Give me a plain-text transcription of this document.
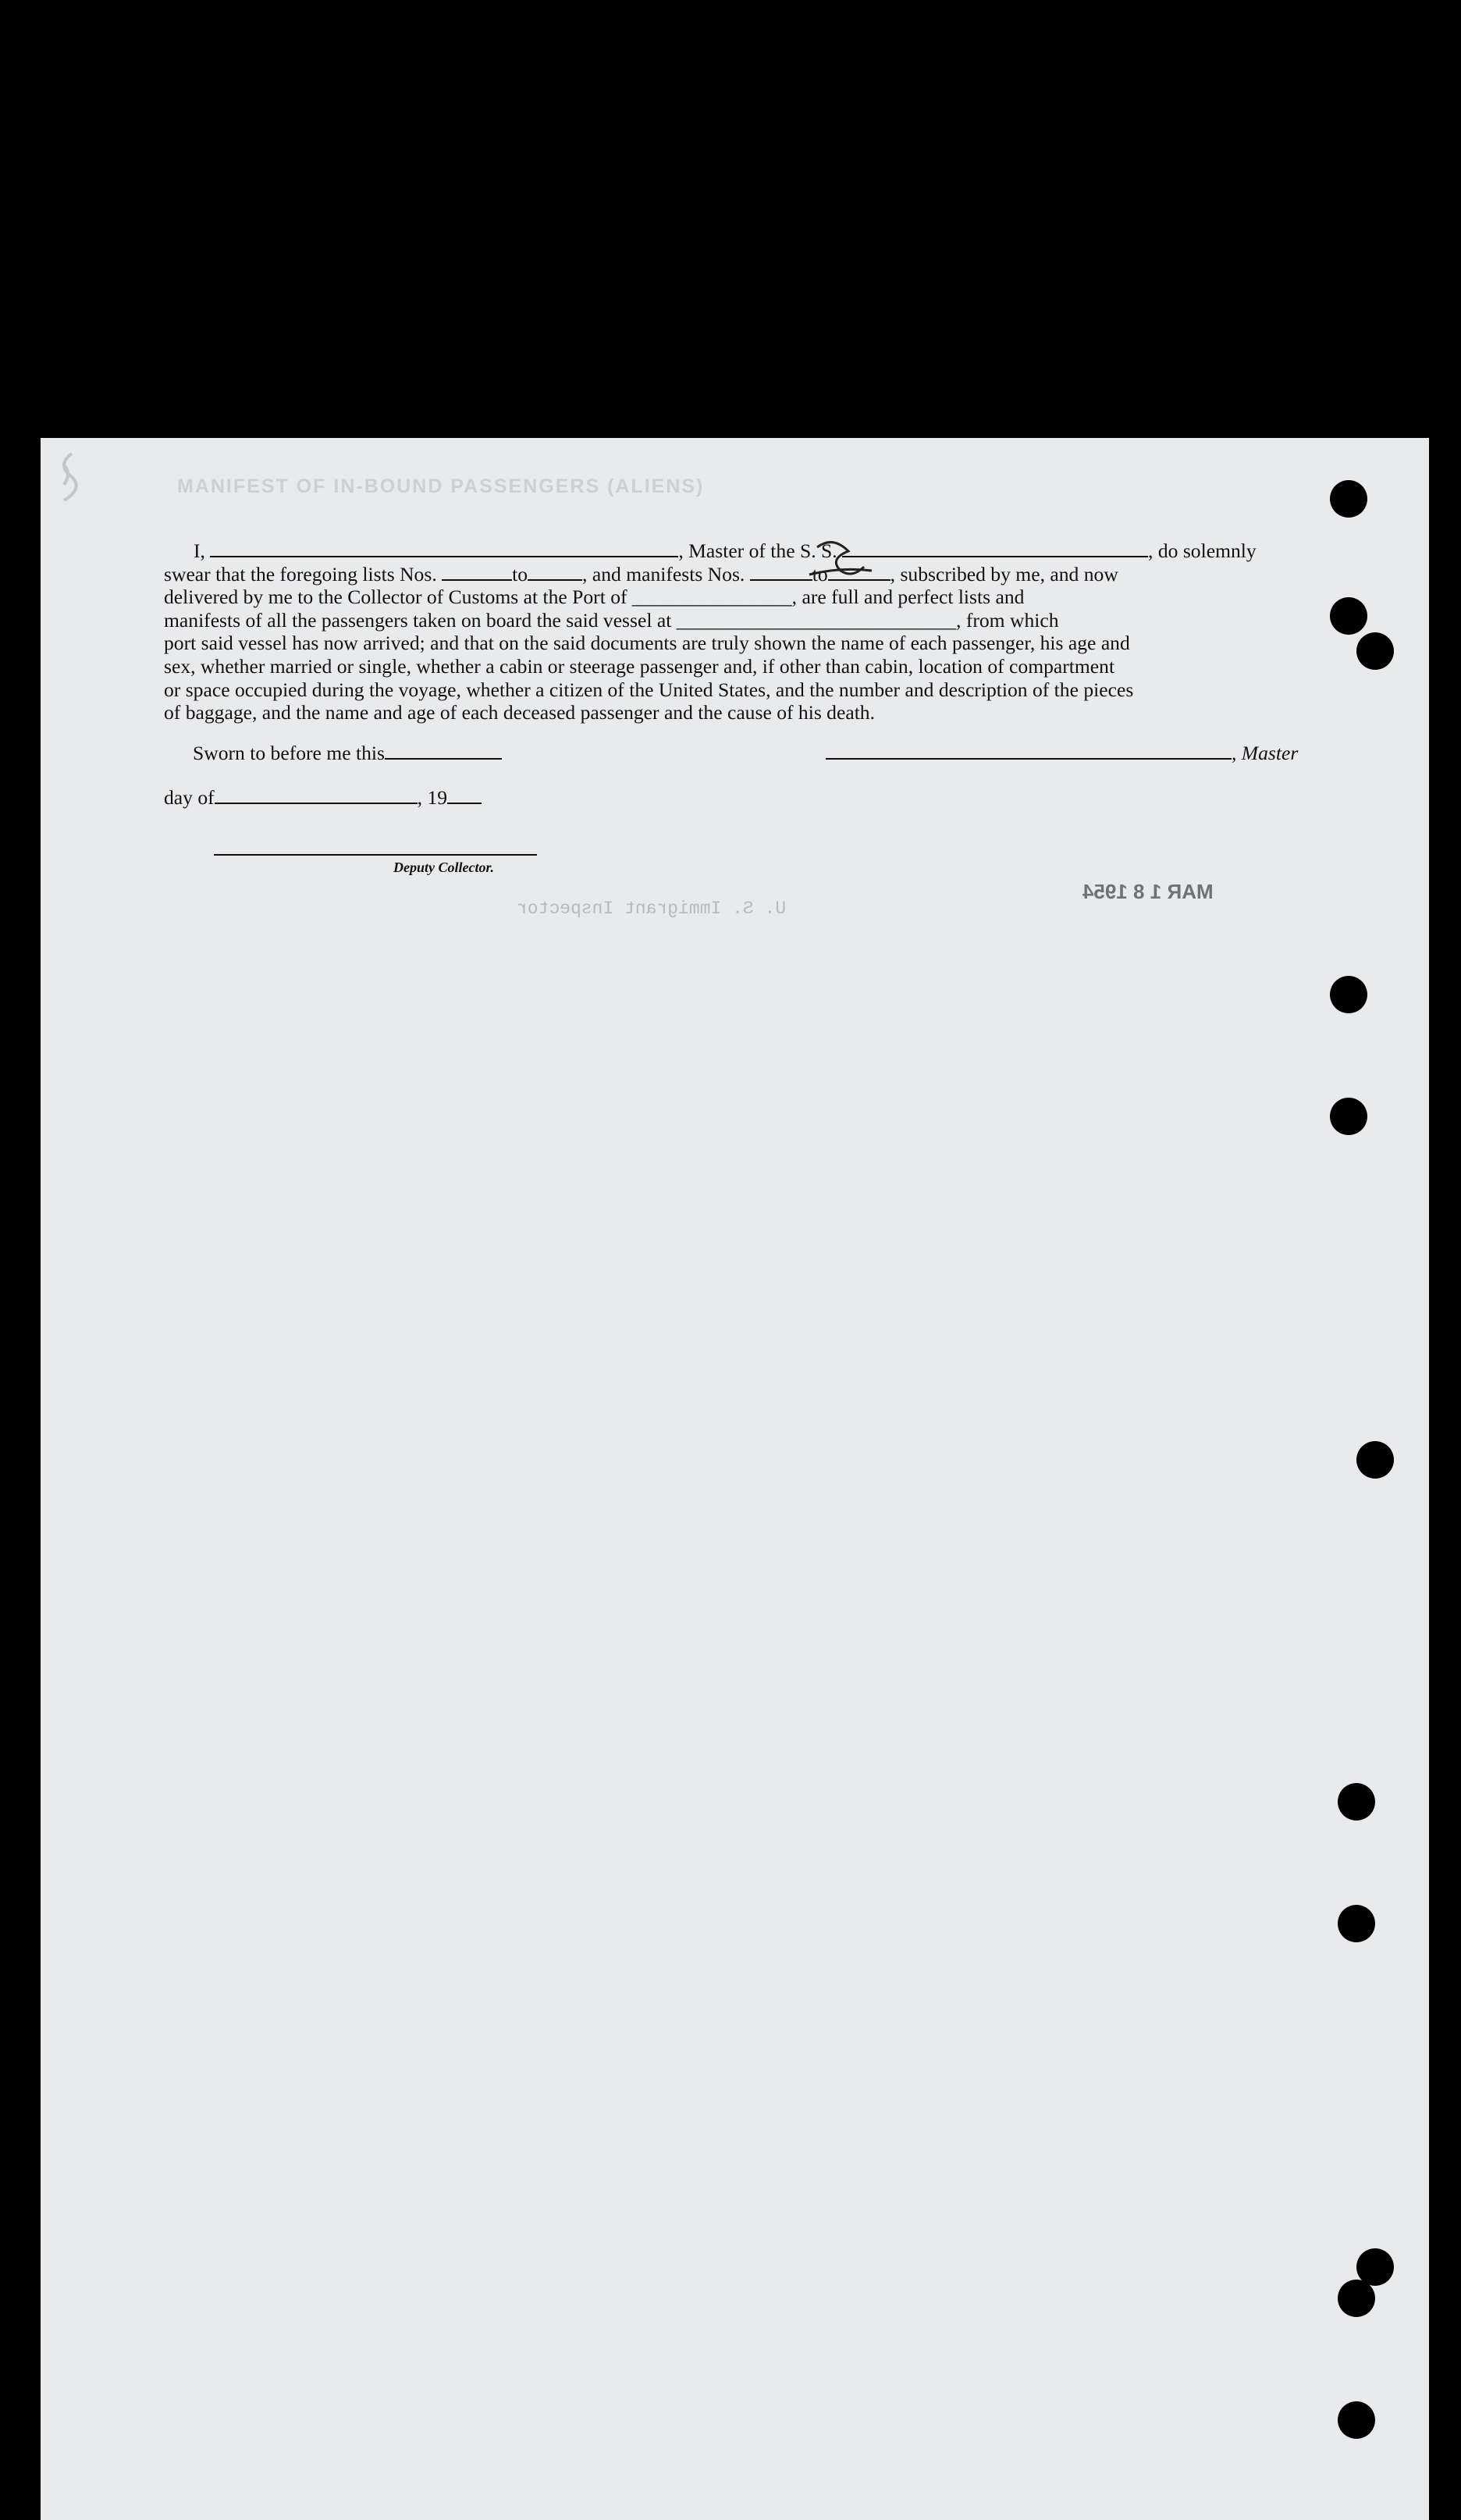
MANIFEST OF IN-BOUND PASSENGERS (ALIENS)
I,	, Master of the S. S.	, do solemnly
swear that the foregoing lists Nos.	to	, and manifests Nos.	to	, subscribed by me, and now
delivered by me to the Collector of Customs at the Port of ________________, are full and perfect lists and
manifests of all the passengers taken on board the said vessel at ____________________________, from which
port said vessel has now arrived; and that on the said documents are truly shown the name of each passenger, his age and
sex, whether married or single, whether a cabin or steerage passenger and, if other than cabin, location of compartment
or space occupied during the voyage, whether a citizen of the United States, and the number and description of the pieces
of baggage, and the name and age of each deceased passenger and the cause of his death.
Sworn to before me this	, Master
day of	, 19
Deputy Collector.
U. S. Immigrant Inspector
MAR 1 8 1954
